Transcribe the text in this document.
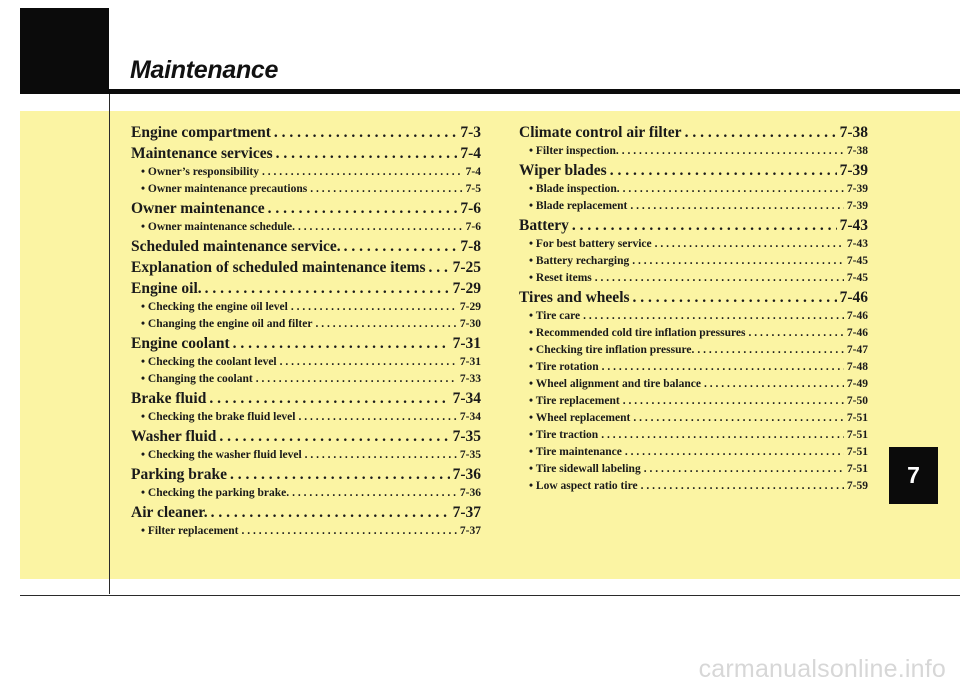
Maintenance
Engine compartment . . .	7-3
Maintenance services . . .	7-4
• Owner’s responsibility . . .	7-4
• Owner maintenance precautions . . .	7-5
Owner maintenance . . .	7-6
• Owner maintenance schedule. . . .	7-6
Scheduled maintenance service. . . .	7-8
Explanation of scheduled maintenance items . . . 7-25
Engine oil. . . .	7-29
• Checking the engine oil level . . .	7-29
• Changing the engine oil and filter . . .	7-30
Engine coolant . . .	7-31
• Checking the coolant level . . .	7-31
• Changing the coolant . . .	7-33
Brake fluid . . .	7-34
• Checking the brake fluid level . . .	7-34
Washer fluid . . .	7-35
• Checking the washer fluid level . . .	7-35
Parking brake . . .	7-36
• Checking the parking brake. . . .	7-36
Air cleaner. . . .	7-37
• Filter replacement . . .	7-37
Climate control air filter . . .	7-38
• Filter inspection. . . .	7-38
Wiper blades . . .	7-39
• Blade inspection. . . .	7-39
• Blade replacement . . .	7-39
Battery . . .	7-43
• For best battery service . . .	7-43
• Battery recharging . . .	7-45
• Reset items . . .	7-45
Tires and wheels . . .	7-46
• Tire care . . .	7-46
• Recommended cold tire inflation pressures . . .	7-46
• Checking tire inflation pressure. . . .	7-47
• Tire rotation . . .	7-48
• Wheel alignment and tire balance . . .	7-49
• Tire replacement . . .	7-50
• Wheel replacement . . .	7-51
• Tire traction . . .	7-51
• Tire maintenance . . .	7-51
• Tire sidewall labeling . . .	7-51
• Low aspect ratio tire . . .	7-59	7
carmanualsonline.info
